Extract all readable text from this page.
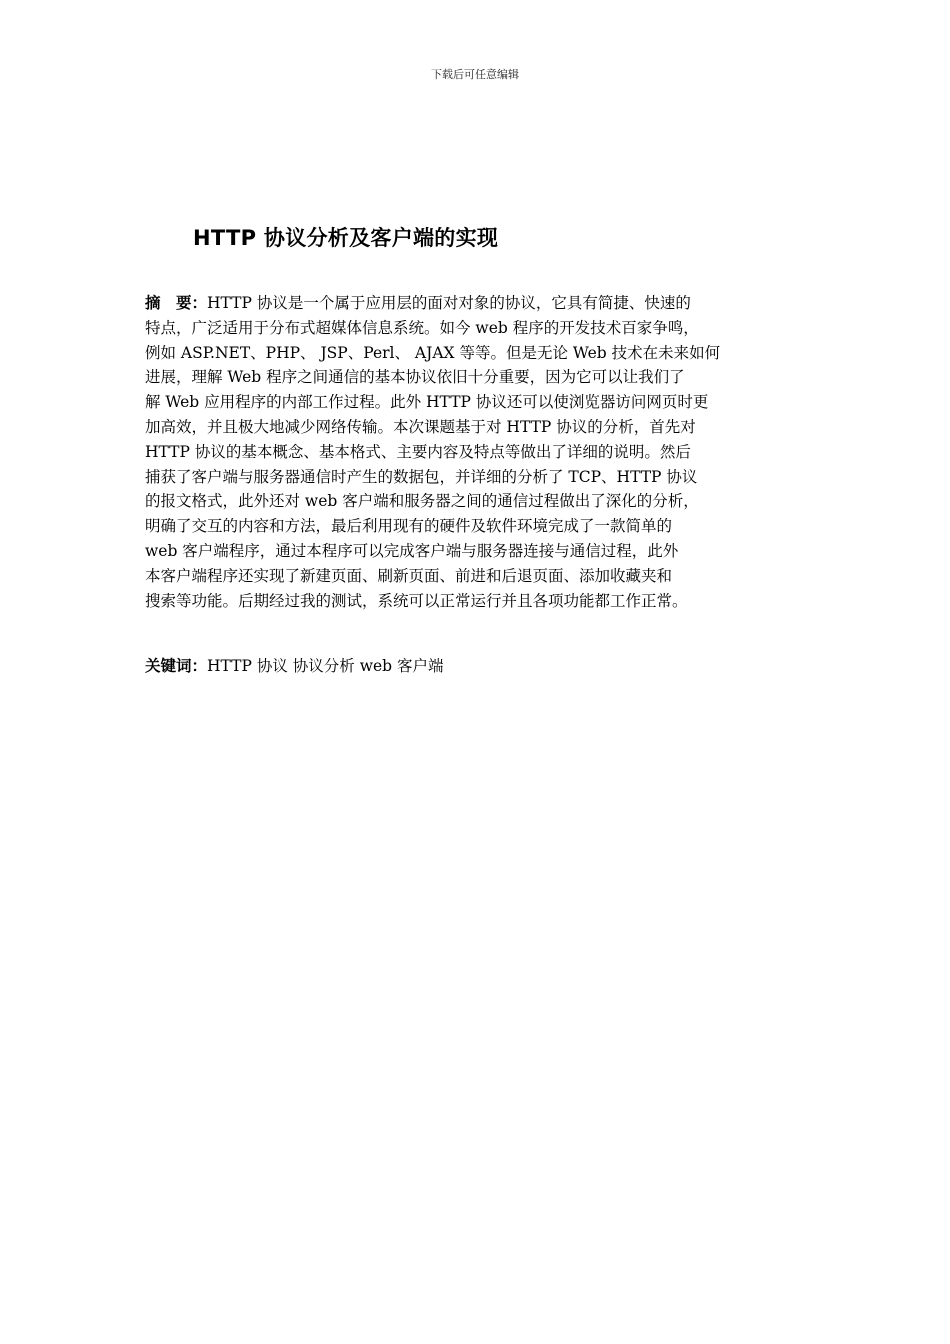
下载后可任意编辑
HTTP 协议分析及客户端的实现
摘　要：HTTP 协议是一个属于应用层的面对对象的协议，它具有简捷、快速的
特点，广泛适用于分布式超媒体信息系统。如今 web 程序的开发技术百家争鸣，
例如 ASP.NET、PHP、 JSP、Perl、 AJAX 等等。但是无论 Web 技术在未来如何
进展，理解 Web 程序之间通信的基本协议依旧十分重要，因为它可以让我们了
解 Web 应用程序的内部工作过程。此外 HTTP 协议还可以使浏览器访问网页时更
加高效，并且极大地减少网络传输。本次课题基于对 HTTP 协议的分析，首先对
HTTP 协议的基本概念、基本格式、主要内容及特点等做出了详细的说明。然后
捕获了客户端与服务器通信时产生的数据包，并详细的分析了 TCP、HTTP 协议
的报文格式，此外还对 web 客户端和服务器之间的通信过程做出了深化的分析，
明确了交互的内容和方法，最后利用现有的硬件及软件环境完成了一款简单的
web 客户端程序，通过本程序可以完成客户端与服务器连接与通信过程，此外
本客户端程序还实现了新建页面、刷新页面、前进和后退页面、添加收藏夹和
搜索等功能。后期经过我的测试，系统可以正常运行并且各项功能都工作正常。
关键词：HTTP 协议 协议分析 web 客户端
